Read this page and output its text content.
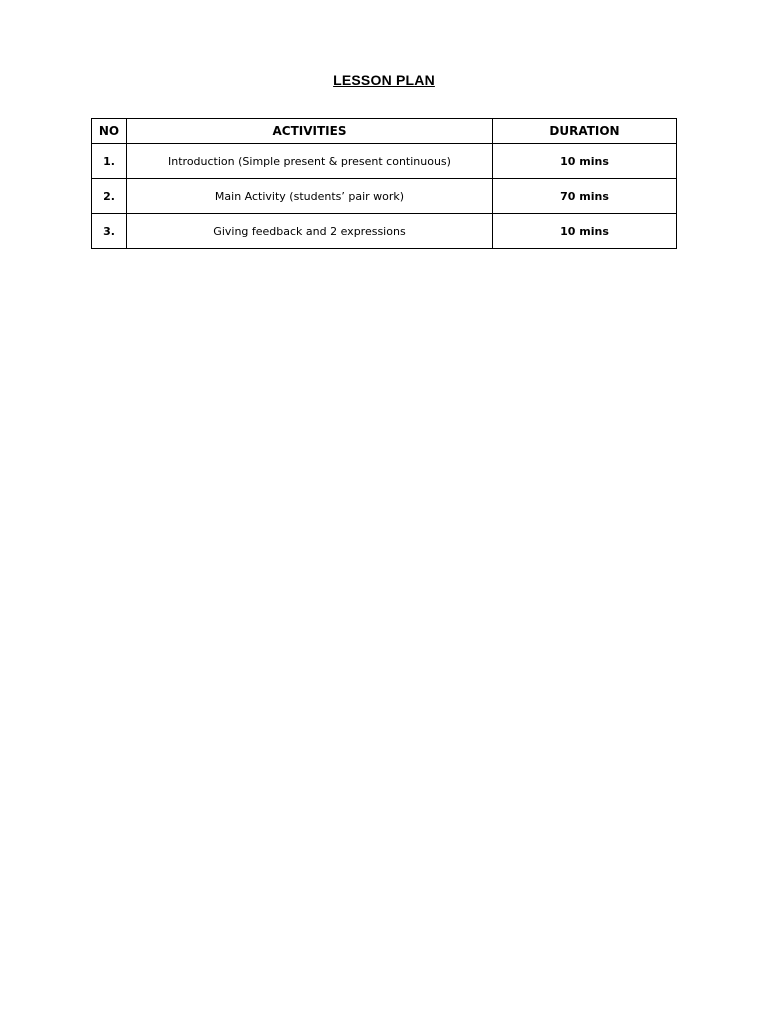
LESSON PLAN
NO	ACTIVITIES	DURATION
1.	Introduction (Simple present & present continuous)	10 mins
2.	Main Activity (students’ pair work)	70 mins
3.	Giving feedback and 2 expressions	10 mins
